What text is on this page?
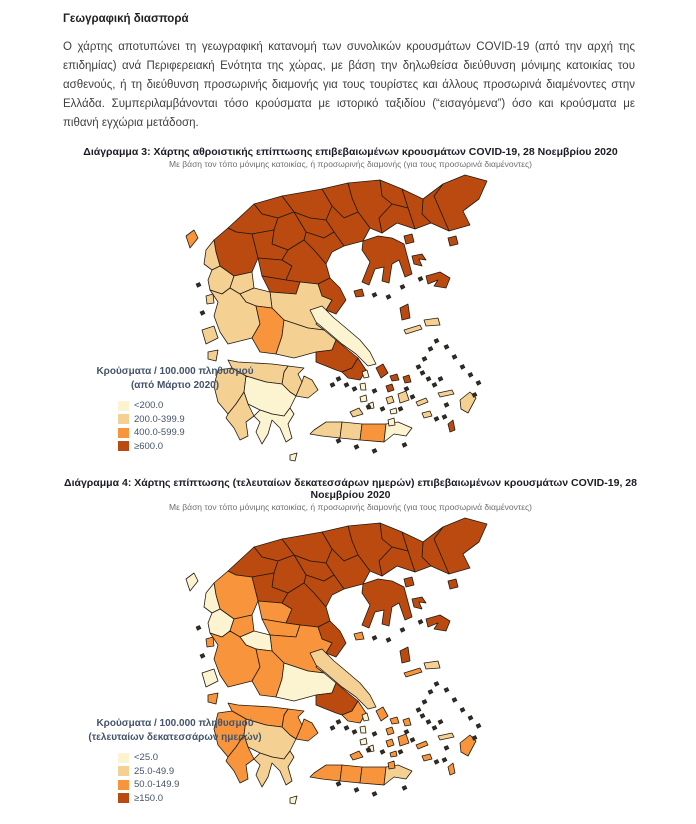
Γεωγραφική διασπορά

Ο χάρτης αποτυπώνει τη γεωγραφική κατανομή των συνολικών κρουσμάτων COVID-19 (από την αρχή της επιδημίας) ανά Περιφερειακή Ενότητα της χώρας, με βάση την δηλωθείσα διεύθυνση μόνιμης κατοικίας του ασθενούς, ή τη διεύθυνση προσωρινής διαμονής για τους τουρίστες και άλλους προσωρινά διαμένοντες στην Ελλάδα. Συμπεριλαμβάνονται τόσο κρούσματα με ιστορικό ταξιδίου (“εισαγόμενα”) όσο και κρούσματα με πιθανή εγχώρια μετάδοση.

Διάγραμμα 3: Χάρτης αθροιστικής επίπτωσης επιβεβαιωμένων κρουσμάτων COVID-19, 28 Νοεμβρίου 2020
Με βάση τον τόπο μόνιμης κατοικίας, ή προσωρινής διαμονής (για τους προσωρινά διαμένοντες)
Κρούσματα / 100.000 πληθυσμού
(από Μάρτιο 2020)
<200.0
200.0-399.9
400.0-599.9
≥600.0
Διάγραμμα 4: Χάρτης επίπτωσης (τελευταίων δεκατεσσάρων ημερών) επιβεβαιωμένων κρουσμάτων COVID-19, 28 Νοεμβρίου 2020
Με βάση τον τόπο μόνιμης κατοικίας, ή προσωρινής διαμονής (για τους προσωρινά διαμένοντες)
Κρούσματα / 100.000 πληθυσμού
(τελευταίων δεκατεσσάρων ημερών)
<25.0
25.0-49.9
50.0-149.9
≥150.0
